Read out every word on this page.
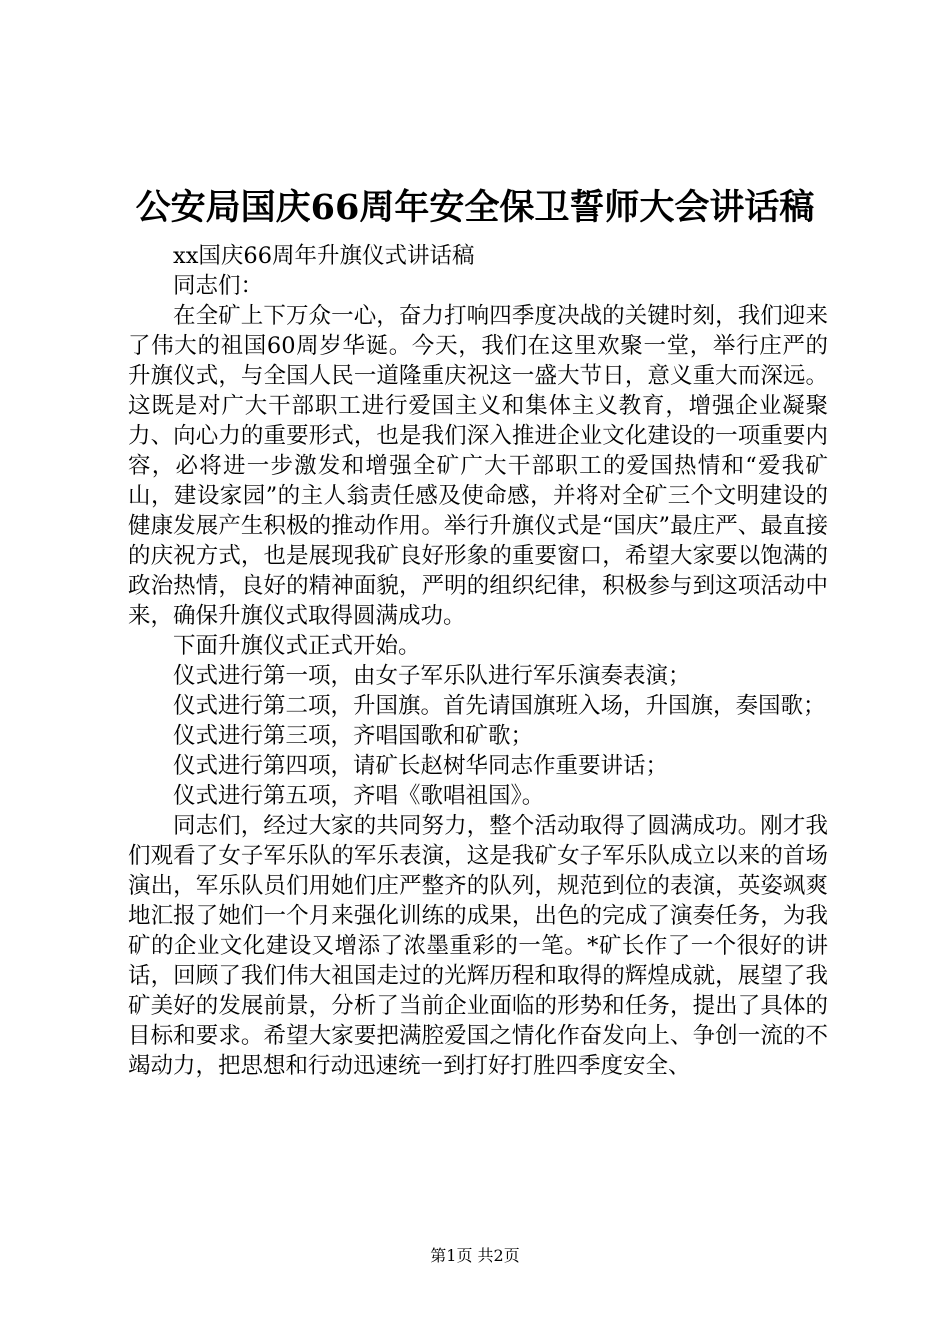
公安局国庆66周年安全保卫誓师大会讲话稿

xx国庆66周年升旗仪式讲话稿

同志们：

在全矿上下万众一心，奋力打响四季度决战的关键时刻，我们迎来了伟大的祖国60周岁华诞。今天，我们在这里欢聚一堂，举行庄严的升旗仪式，与全国人民一道隆重庆祝这一盛大节日，意义重大而深远。这既是对广大干部职工进行爱国主义和集体主义教育，增强企业凝聚力、向心力的重要形式，也是我们深入推进企业文化建设的一项重要内容，必将进一步激发和增强全矿广大干部职工的爱国热情和“爱我矿山，建设家园”的主人翁责任感及使命感，并将对全矿三个文明建设的健康发展产生积极的推动作用。举行升旗仪式是“国庆”最庄严、最直接的庆祝方式，也是展现我矿良好形象的重要窗口，希望大家要以饱满的政治热情，良好的精神面貌，严明的组织纪律，积极参与到这项活动中来，确保升旗仪式取得圆满成功。

下面升旗仪式正式开始。

仪式进行第一项，由女子军乐队进行军乐演奏表演；

仪式进行第二项，升国旗。首先请国旗班入场，升国旗，奏国歌；

仪式进行第三项，齐唱国歌和矿歌；

仪式进行第四项，请矿长赵树华同志作重要讲话；

仪式进行第五项，齐唱《歌唱祖国》。

同志们，经过大家的共同努力，整个活动取得了圆满成功。刚才我们观看了女子军乐队的军乐表演，这是我矿女子军乐队成立以来的首场演出，军乐队员们用她们庄严整齐的队列，规范到位的表演，英姿飒爽地汇报了她们一个月来强化训练的成果，出色的完成了演奏任务，为我矿的企业文化建设又增添了浓墨重彩的一笔。*矿长作了一个很好的讲话，回顾了我们伟大祖国走过的光辉历程和取得的辉煌成就，展望了我矿美好的发展前景，分析了当前企业面临的形势和任务，提出了具体的目标和要求。希望大家要把满腔爱国之情化作奋发向上、争创一流的不竭动力，把思想和行动迅速统一到打好打胜四季度安全、

第1页 共2页
